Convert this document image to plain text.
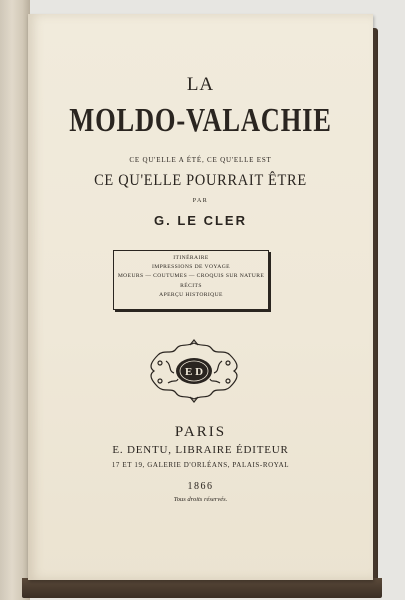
LA
MOLDO-VALACHIE
CE QU'ELLE A ÉTÉ, CE QU'ELLE EST
CE QU'ELLE POURRAIT ÊTRE
PAR
G. LE CLER
ITINÉRAIRE
IMPRESSIONS DE VOYAGE
MOEURS — COUTUMES — CROQUIS SUR NATURE
RÉCITS
APERÇU HISTORIQUE
E D
PARIS
E. DENTU, LIBRAIRE ÉDITEUR
17 ET 19, GALERIE D'ORLÉANS, PALAIS-ROYAL
1866
Tous droits réservés.
